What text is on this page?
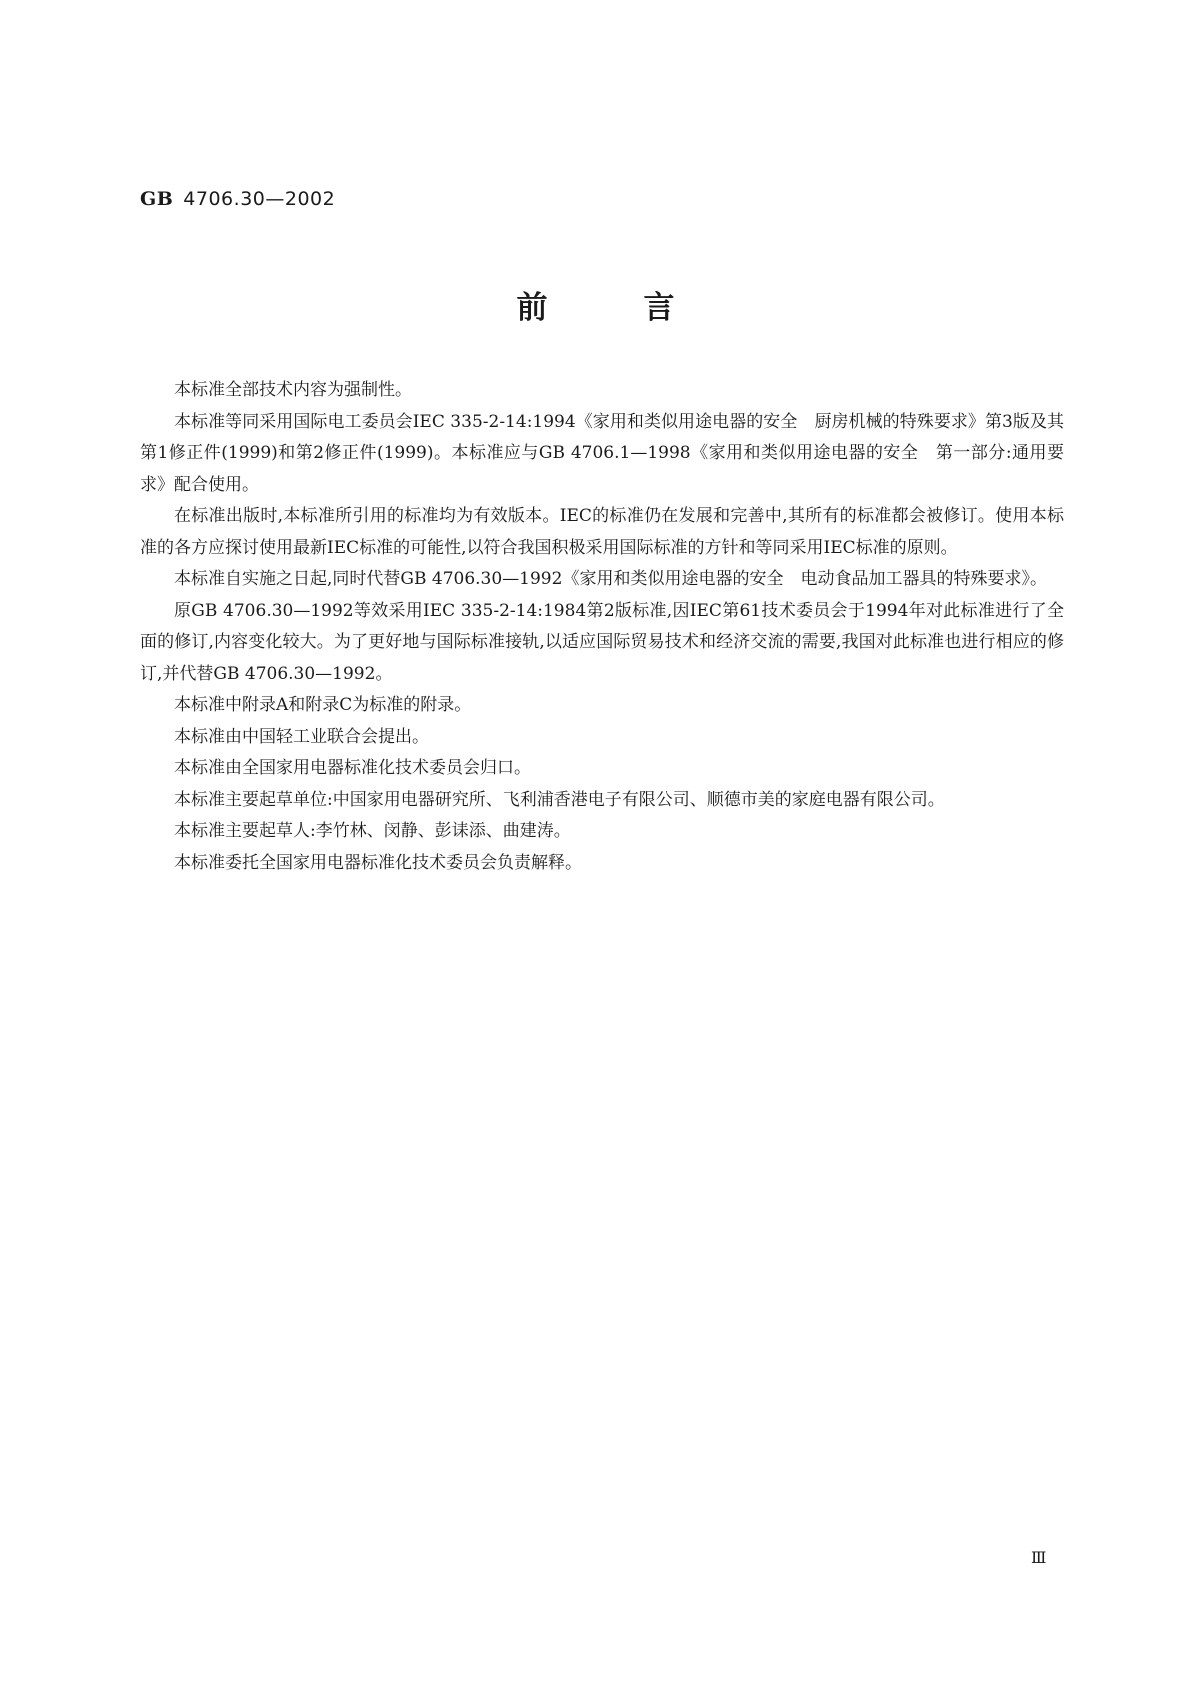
GB 4706.30—2002
前言

本标准全部技术内容为强制性。

本标准等同采用国际电工委员会IEC 335-2-14:1994《家用和类似用途电器的安全　厨房机械的特殊要求》第3版及其第1修正件(1999)和第2修正件(1999)。本标准应与GB 4706.1—1998《家用和类似用途电器的安全　第一部分:通用要求》配合使用。

在标准出版时,本标准所引用的标准均为有效版本。IEC的标准仍在发展和完善中,其所有的标准都会被修订。使用本标准的各方应探讨使用最新IEC标准的可能性,以符合我国积极采用国际标准的方针和等同采用IEC标准的原则。

本标准自实施之日起,同时代替GB 4706.30—1992《家用和类似用途电器的安全　电动食品加工器具的特殊要求》。

原GB 4706.30—1992等效采用IEC 335-2-14:1984第2版标准,因IEC第61技术委员会于1994年对此标准进行了全面的修订,内容变化较大。为了更好地与国际标准接轨,以适应国际贸易技术和经济交流的需要,我国对此标准也进行相应的修订,并代替GB 4706.30—1992。

本标准中附录A和附录C为标准的附录。

本标准由中国轻工业联合会提出。

本标准由全国家用电器标准化技术委员会归口。

本标准主要起草单位:中国家用电器研究所、飞利浦香港电子有限公司、顺德市美的家庭电器有限公司。

本标准主要起草人:李竹林、闵静、彭诔添、曲建涛。

本标准委托全国家用电器标准化技术委员会负责解释。

Ⅲ
